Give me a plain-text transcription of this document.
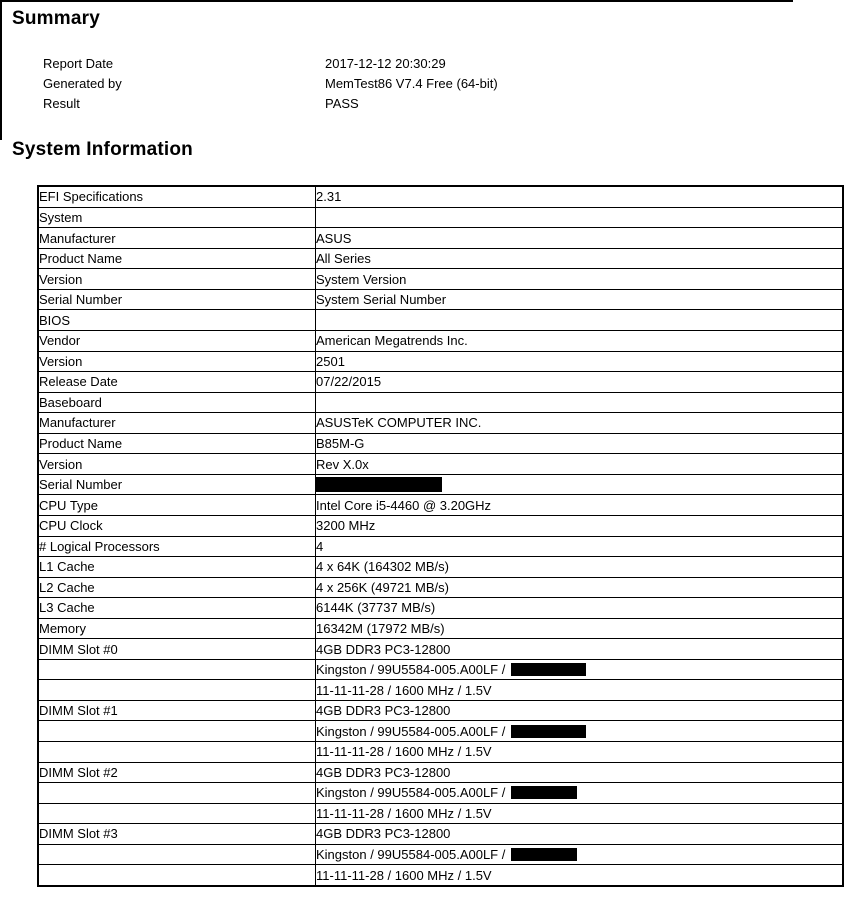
Summary
Report Date	2017-12-12 20:30:29
Generated by	MemTest86 V7.4 Free (64-bit)
Result	PASS
System Information
EFI Specifications	2.31
System	
Manufacturer	ASUS
Product Name	All Series
Version	System Version
Serial Number	System Serial Number
BIOS	
Vendor	American Megatrends Inc.
Version	2501
Release Date	07/22/2015
Baseboard	
Manufacturer	ASUSTeK COMPUTER INC.
Product Name	B85M-G
Version	Rev X.0x
Serial Number	
CPU Type	Intel Core i5-4460 @ 3.20GHz
CPU Clock	3200 MHz
# Logical Processors	4
L1 Cache	4 x 64K (164302 MB/s)
L2 Cache	4 x 256K (49721 MB/s)
L3 Cache	6144K (37737 MB/s)
Memory	16342M (17972 MB/s)
DIMM Slot #0	4GB DDR3 PC3-12800
	Kingston / 99U5584-005.A00LF /
	11-11-11-28 / 1600 MHz / 1.5V
DIMM Slot #1	4GB DDR3 PC3-12800
	Kingston / 99U5584-005.A00LF /
	11-11-11-28 / 1600 MHz / 1.5V
DIMM Slot #2	4GB DDR3 PC3-12800
	Kingston / 99U5584-005.A00LF /
	11-11-11-28 / 1600 MHz / 1.5V
DIMM Slot #3	4GB DDR3 PC3-12800
	Kingston / 99U5584-005.A00LF /
	11-11-11-28 / 1600 MHz / 1.5V
